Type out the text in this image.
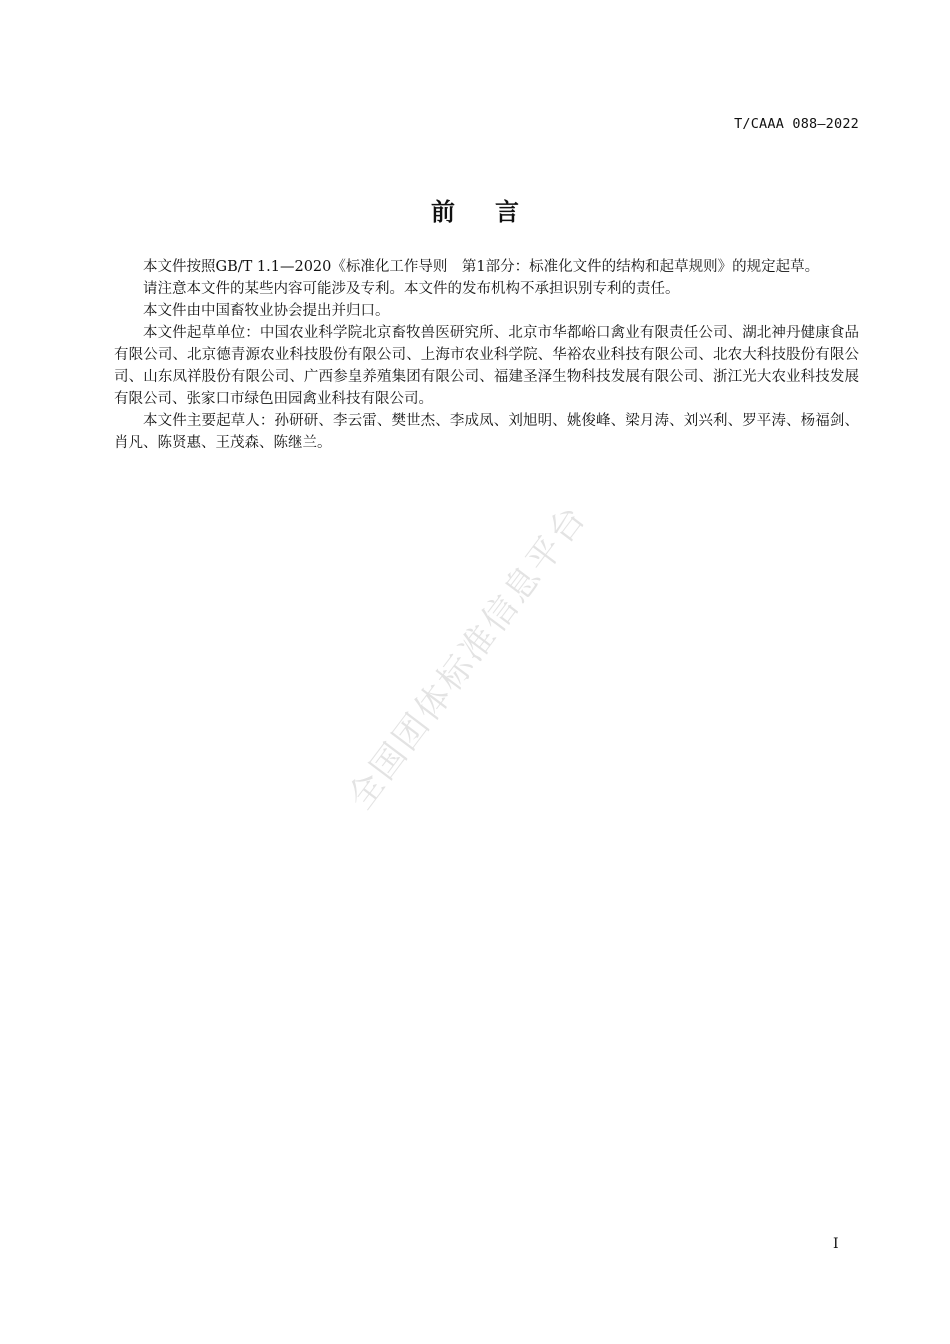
T/CAAA 088—2022

前言

本文件按照GB/T 1.1—2020《标准化工作导则　第1部分：标准化文件的结构和起草规则》的规定起草。

请注意本文件的某些内容可能涉及专利。本文件的发布机构不承担识别专利的责任。

本文件由中国畜牧业协会提出并归口。

本文件起草单位：中国农业科学院北京畜牧兽医研究所、北京市华都峪口禽业有限责任公司、湖北神丹健康食品有限公司、北京德青源农业科技股份有限公司、上海市农业科学院、华裕农业科技有限公司、北农大科技股份有限公司、山东凤祥股份有限公司、广西参皇养殖集团有限公司、福建圣泽生物科技发展有限公司、浙江光大农业科技发展有限公司、张家口市绿色田园禽业科技有限公司。

本文件主要起草人：孙研研、李云雷、樊世杰、李成凤、刘旭明、姚俊峰、梁月涛、刘兴利、罗平涛、杨福剑、肖凡、陈贤惠、王茂森、陈继兰。

全国团体标准信息平台

I
